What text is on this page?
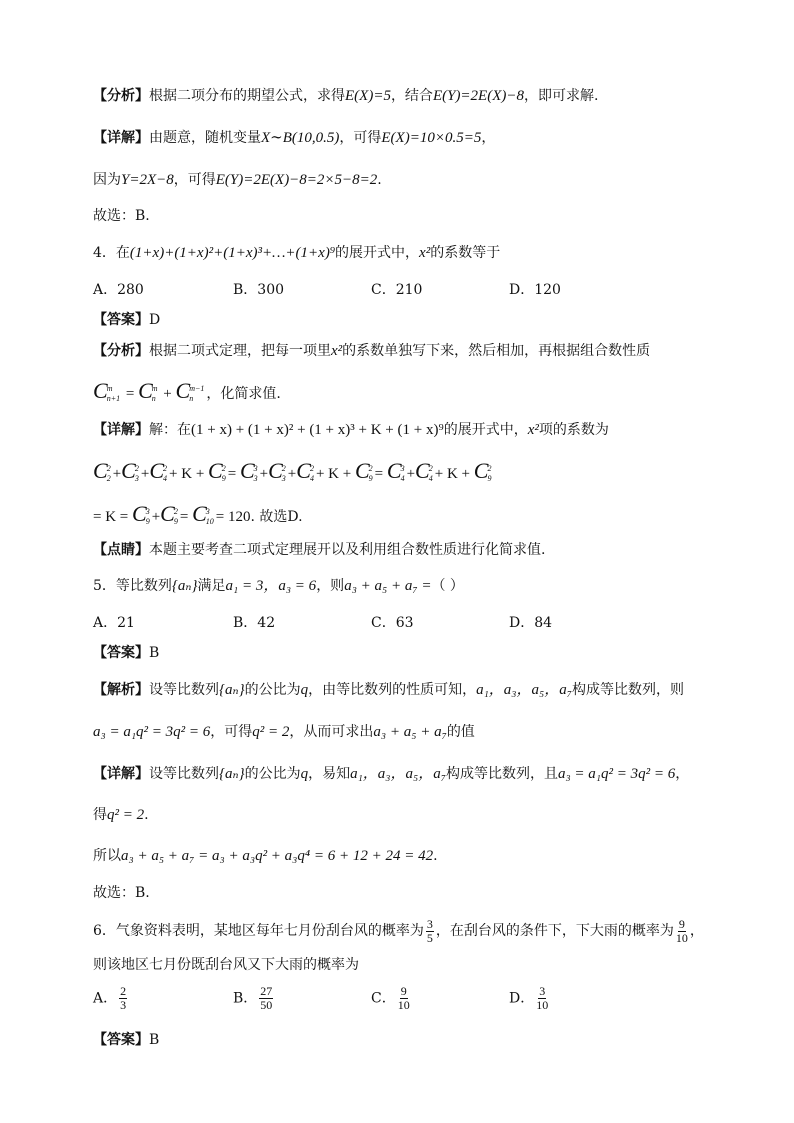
【分析】根据二项分布的期望公式，求得E(X)=5，结合E(Y)=2E(X)−8，即可求解.
【详解】由题意，随机变量X∼B(10,0.5)，可得E(X)=10×0.5=5，
因为Y=2X−8，可得E(Y)=2E(X)−8=2×5−8=2.
故选：B.
4．在(1+x)+(1+x)²+(1+x)³+…+(1+x)⁹的展开式中，x²的系数等于
A．280	B．300	C．210	D．120
【答案】D
【分析】根据二项式定理，把每一项里x²的系数单独写下来，然后相加，再根据组合数性质
C m
n+1 = C m
n + C m−1
n ，化简求值.
【详解】解：在(1 + x) + (1 + x)² + (1 + x)³ + K + (1 + x)⁹的展开式中，x²项的系数为
C 2
2 +C 2
3 +C 2
4 + K + C 2
9 = C 3
3 +C 2
3 +C 2
4 + K + C 2
9 = C 3
4 +C 2
4 + K + C 2
9
= K = C 3
9 +C 2
9 = C 3
10 = 120. 故选D.
【点睛】本题主要考查二项式定理展开以及利用组合数性质进行化简求值.
5．等比数列{aₙ}满足a₁ = 3，a₃ = 6，则a₃ + a₅ + a₇ =（ ）
A．21	B．42	C．63	D．84
【答案】B
【解析】设等比数列{aₙ}的公比为q，由等比数列的性质可知，a₁，a₃，a₅，a₇构成等比数列，则
a₃ = a₁q² = 3q² = 6，可得q² = 2，从而可求出a₃ + a₅ + a₇的值
【详解】设等比数列{aₙ}的公比为q，易知a₁，a₃，a₅，a₇构成等比数列，且a₃ = a₁q² = 3q² = 6，
得q² = 2.
所以a₃ + a₅ + a₇ = a₃ + a₃q² + a₃q⁴ = 6 + 12 + 24 = 42.
故选：B.
6．气象资料表明，某地区每年七月份刮台风的概率为 $\frac{3}{5}$ ，在刮台风的条件下，下大雨的概率为 $\frac{9}{10}$ ，
则该地区七月份既刮台风又下大雨的概率为
A． $\frac{2}{3}$	B． $\frac{27}{50}$	C． $\frac{9}{10}$	D． $\frac{3}{10}$
【答案】B
